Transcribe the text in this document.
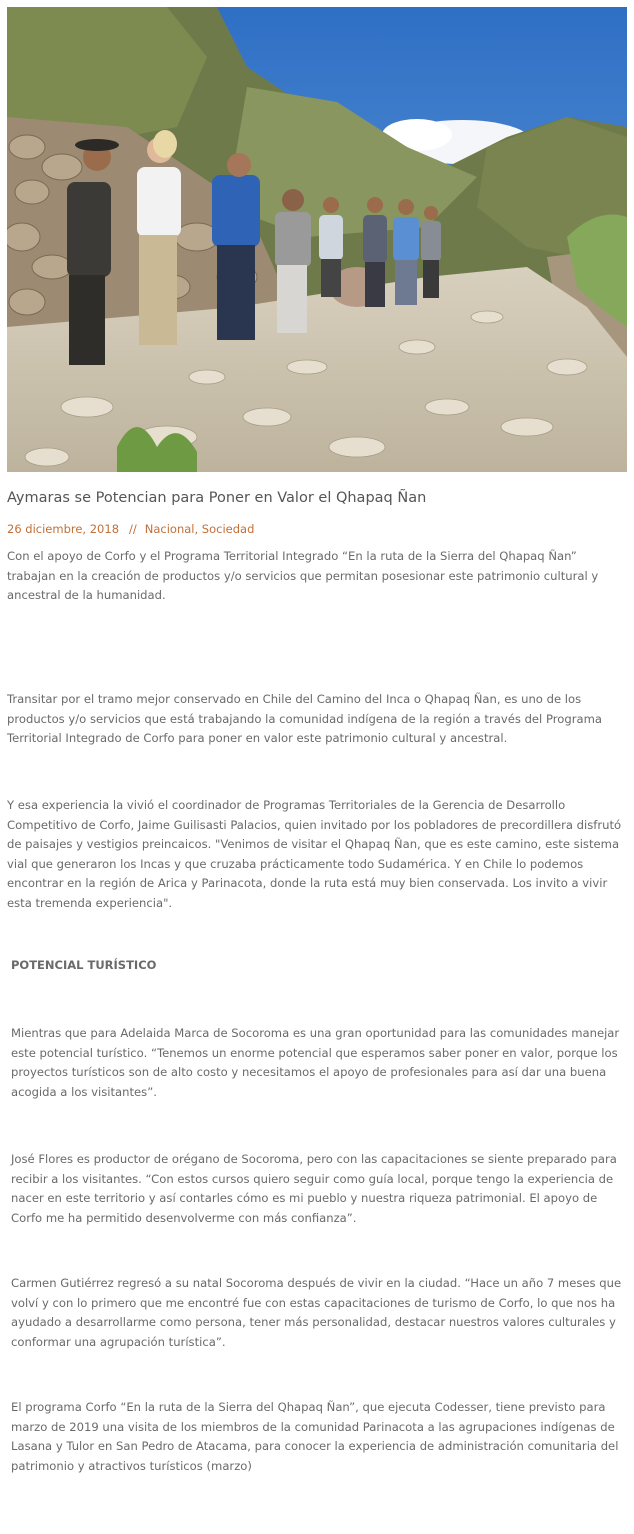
Aymaras se Potencian para Poner en Valor el Qhapaq Ñan
26 diciembre, 2018 // Nacional, Sociedad

Con el apoyo de Corfo y el Programa Territorial Integrado “En la ruta de la Sierra del Qhapaq Ñan” trabajan en la creación de productos y/o servicios que permitan posesionar este patrimonio cultural y ancestral de la humanidad.

Transitar por el tramo mejor conservado en Chile del Camino del Inca o Qhapaq Ñan, es uno de los productos y/o servicios que está trabajando la comunidad indígena de la región a través del Programa Territorial Integrado de Corfo para poner en valor este patrimonio cultural y ancestral.

Y esa experiencia la vivió el coordinador de Programas Territoriales de la Gerencia de Desarrollo Competitivo de Corfo, Jaime Guilisasti Palacios, quien invitado por los pobladores de precordillera disfrutó de paisajes y vestigios preincaicos. "Venimos de visitar el Qhapaq Ñan, que es este camino, este sistema vial que generaron los Incas y que cruzaba prácticamente todo Sudamérica. Y en Chile lo podemos encontrar en la región de Arica y Parinacota, donde la ruta está muy bien conservada. Los invito a vivir esta tremenda experiencia".

POTENCIAL TURÍSTICO

Mientras que para Adelaida Marca de Socoroma es una gran oportunidad para las comunidades manejar este potencial turístico. “Tenemos un enorme potencial que esperamos saber poner en valor, porque los proyectos turísticos son de alto costo y necesitamos el apoyo de profesionales para así dar una buena acogida a los visitantes”.

José Flores es productor de orégano de Socoroma, pero con las capacitaciones se siente preparado para recibir a los visitantes. “Con estos cursos quiero seguir como guía local, porque tengo la experiencia de nacer en este territorio y así contarles cómo es mi pueblo y nuestra riqueza patrimonial. El apoyo de Corfo me ha permitido desenvolverme con más confianza”.

Carmen Gutiérrez regresó a su natal Socoroma después de vivir en la ciudad. “Hace un año 7 meses que volví y con lo primero que me encontré fue con estas capacitaciones de turismo de Corfo, lo que nos ha ayudado a desarrollarme como persona, tener más personalidad, destacar nuestros valores culturales y conformar una agrupación turística”.

El programa Corfo “En la ruta de la Sierra del Qhapaq Ñan”, que ejecuta Codesser, tiene previsto para marzo de 2019 una visita de los miembros de la comunidad Parinacota a las agrupaciones indígenas de Lasana y Tulor en San Pedro de Atacama, para conocer la experiencia de administración comunitaria del patrimonio y atractivos turísticos (marzo)
